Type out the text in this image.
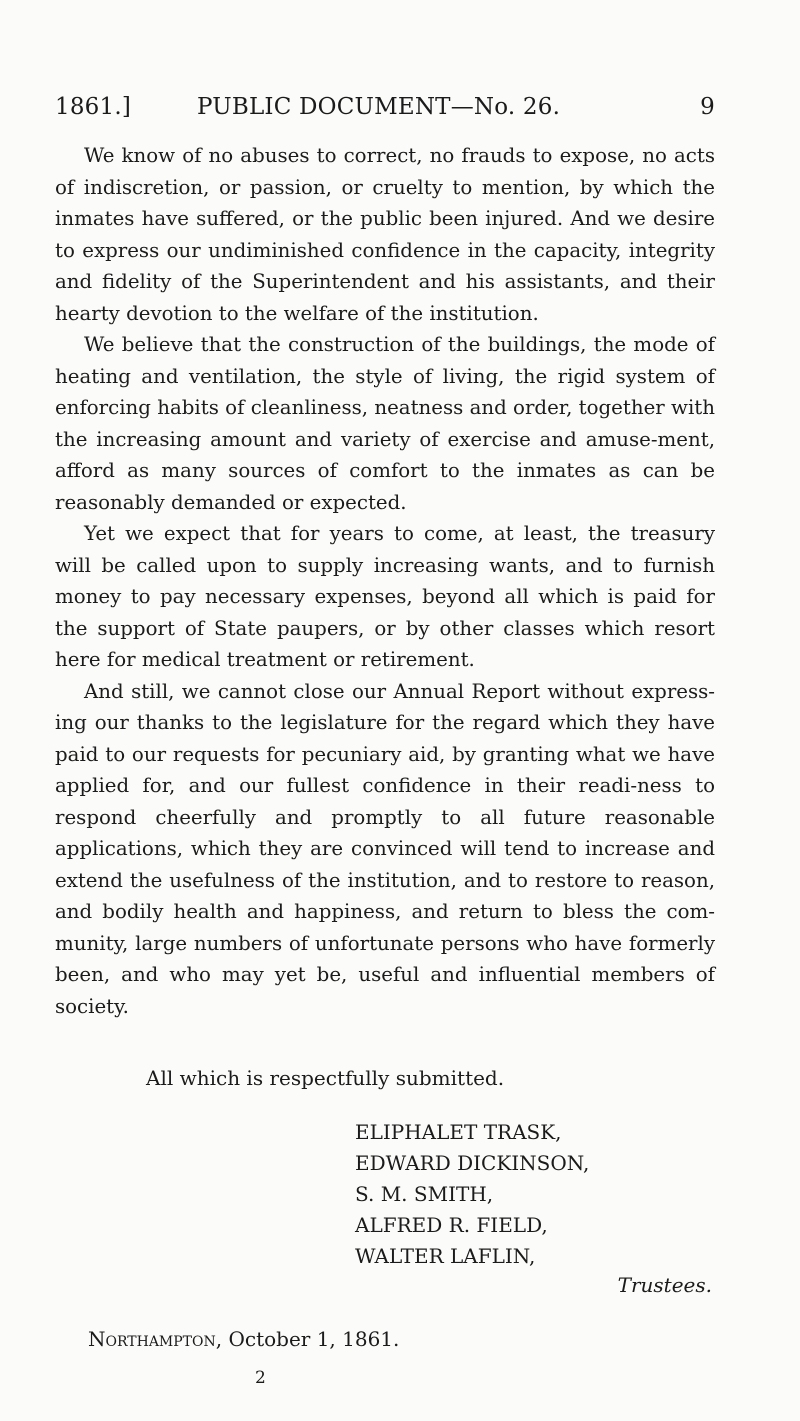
1861.]	PUBLIC DOCUMENT—No. 26.	9

We know of no abuses to correct, no frauds to expose, no acts of indiscretion, or passion, or cruelty to mention, by which the inmates have suffered, or the public been injured. And we desire to express our undiminished confidence in the capacity, integrity and fidelity of the Superintendent and his assistants, and their hearty devotion to the welfare of the institution.

We believe that the construction of the buildings, the mode of heating and ventilation, the style of living, the rigid system of enforcing habits of cleanliness, neatness and order, together with the increasing amount and variety of exercise and amuse-ment, afford as many sources of comfort to the inmates as can be reasonably demanded or expected.

Yet we expect that for years to come, at least, the treasury will be called upon to supply increasing wants, and to furnish money to pay necessary expenses, beyond all which is paid for the support of State paupers, or by other classes which resort here for medical treatment or retirement.

And still, we cannot close our Annual Report without express-ing our thanks to the legislature for the regard which they have paid to our requests for pecuniary aid, by granting what we have applied for, and our fullest confidence in their readi-ness to respond cheerfully and promptly to all future reasonable applications, which they are convinced will tend to increase and extend the usefulness of the institution, and to restore to reason, and bodily health and happiness, and return to bless the com-munity, large numbers of unfortunate persons who have formerly been, and who may yet be, useful and influential members of society.

All which is respectfully submitted.
ELIPHALET TRASK,
EDWARD DICKINSON,
S. M. SMITH,
ALFRED R. FIELD,
WALTER LAFLIN,
Trustees.
Northampton, October 1, 1861.
2
